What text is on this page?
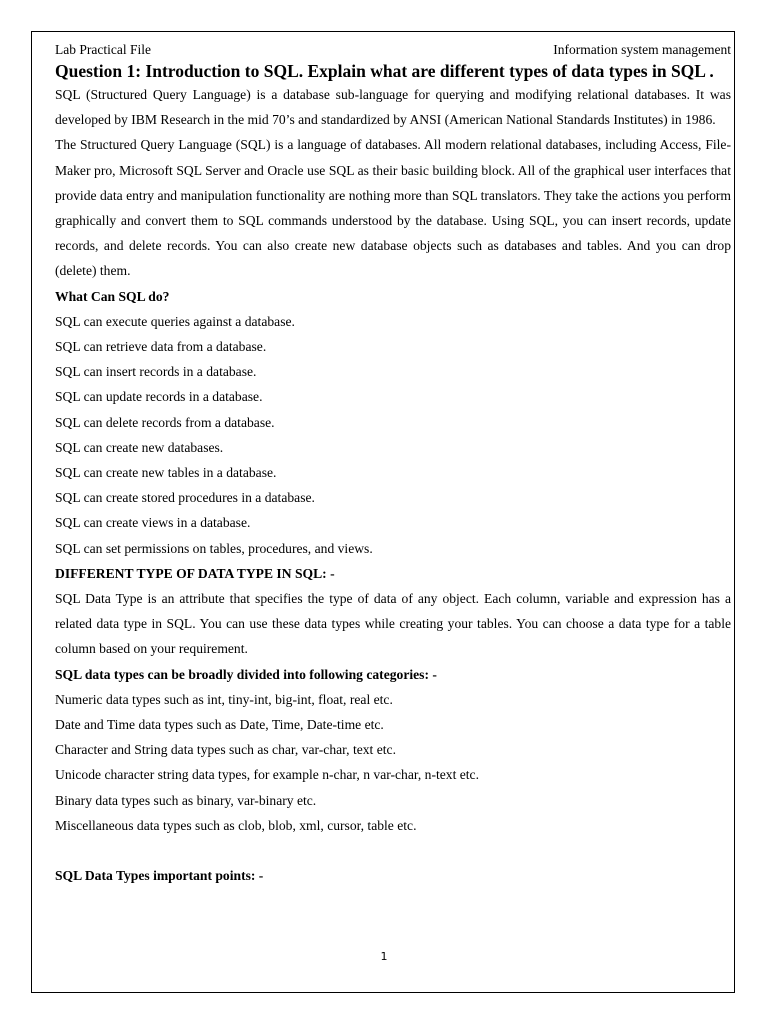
Lab Practical File	Information system management
Question 1: Introduction to SQL. Explain what are different types of data types in SQL .

SQL (Structured Query Language) is a database sub-language for querying and modifying relational databases. It was developed by IBM Research in the mid 70’s and standardized by ANSI (American National Standards Institutes) in 1986.

The Structured Query Language (SQL) is a language of databases. All modern relational databases, including Access, File-Maker pro, Microsoft SQL Server and Oracle use SQL as their basic building block. All of the graphical user interfaces that provide data entry and manipulation functionality are nothing more than SQL translators. They take the actions you perform graphically and convert them to SQL commands understood by the database. Using SQL, you can insert records, update records, and delete records. You can also create new database objects such as databases and tables. And you can drop (delete) them.

What Can SQL do?

SQL can execute queries against a database.

SQL can retrieve data from a database.

SQL can insert records in a database.

SQL can update records in a database.

SQL can delete records from a database.

SQL can create new databases.

SQL can create new tables in a database.

SQL can create stored procedures in a database.

SQL can create views in a database.

SQL can set permissions on tables, procedures, and views.

DIFFERENT TYPE OF DATA TYPE IN SQL: -

SQL Data Type is an attribute that specifies the type of data of any object. Each column, variable and expression has a related data type in SQL. You can use these data types while creating your tables. You can choose a data type for a table column based on your requirement.

SQL data types can be broadly divided into following categories: -

Numeric data types such as int, tiny-int, big-int, float, real etc.

Date and Time data types such as Date, Time, Date-time etc.

Character and String data types such as char, var-char, text etc.

Unicode character string data types, for example n-char, n var-char, n-text etc.

Binary data types such as binary, var-binary etc.

Miscellaneous data types such as clob, blob, xml, cursor, table etc.

SQL Data Types important points: -

1
